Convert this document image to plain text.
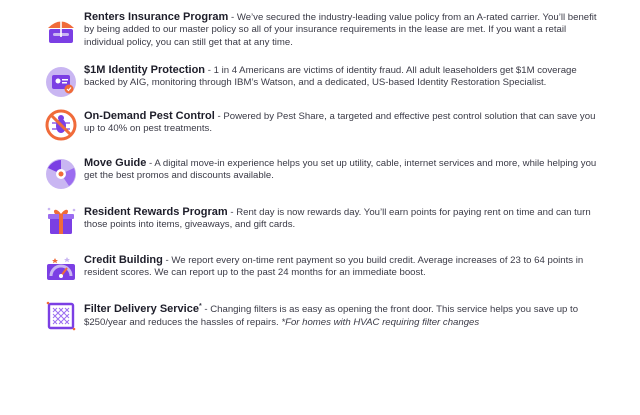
Renters Insurance Program - We’ve secured the industry-leading value policy from an A-rated carrier. You’ll benefit by being added to our master policy so all of your insurance requirements in the lease are met. If you want a retail individual policy, you can still get that at any time.
$1M Identity Protection - 1 in 4 Americans are victims of identity fraud. All adult leaseholders get $1M coverage backed by AIG, monitoring through IBM’s Watson, and a dedicated, US-based Identity Restoration Specialist.
On-Demand Pest Control - Powered by Pest Share, a targeted and effective pest control solution that can save you up to 40% on pest treatments.
Move Guide - A digital move-in experience helps you set up utility, cable, internet services and more, while helping you get the best promos and discounts available.
Resident Rewards Program - Rent day is now rewards day. You’ll earn points for paying rent on time and can turn those points into items, giveaways, and gift cards.
Credit Building - We report every on-time rent payment so you build credit. Average increases of 23 to 64 points in resident scores. We can report up to the past 24 months for an immediate boost.
Filter Delivery Service* - Changing filters is as easy as opening the front door. This service helps you save up to $250/year and reduces the hassles of repairs. *For homes with HVAC requiring filter changes
